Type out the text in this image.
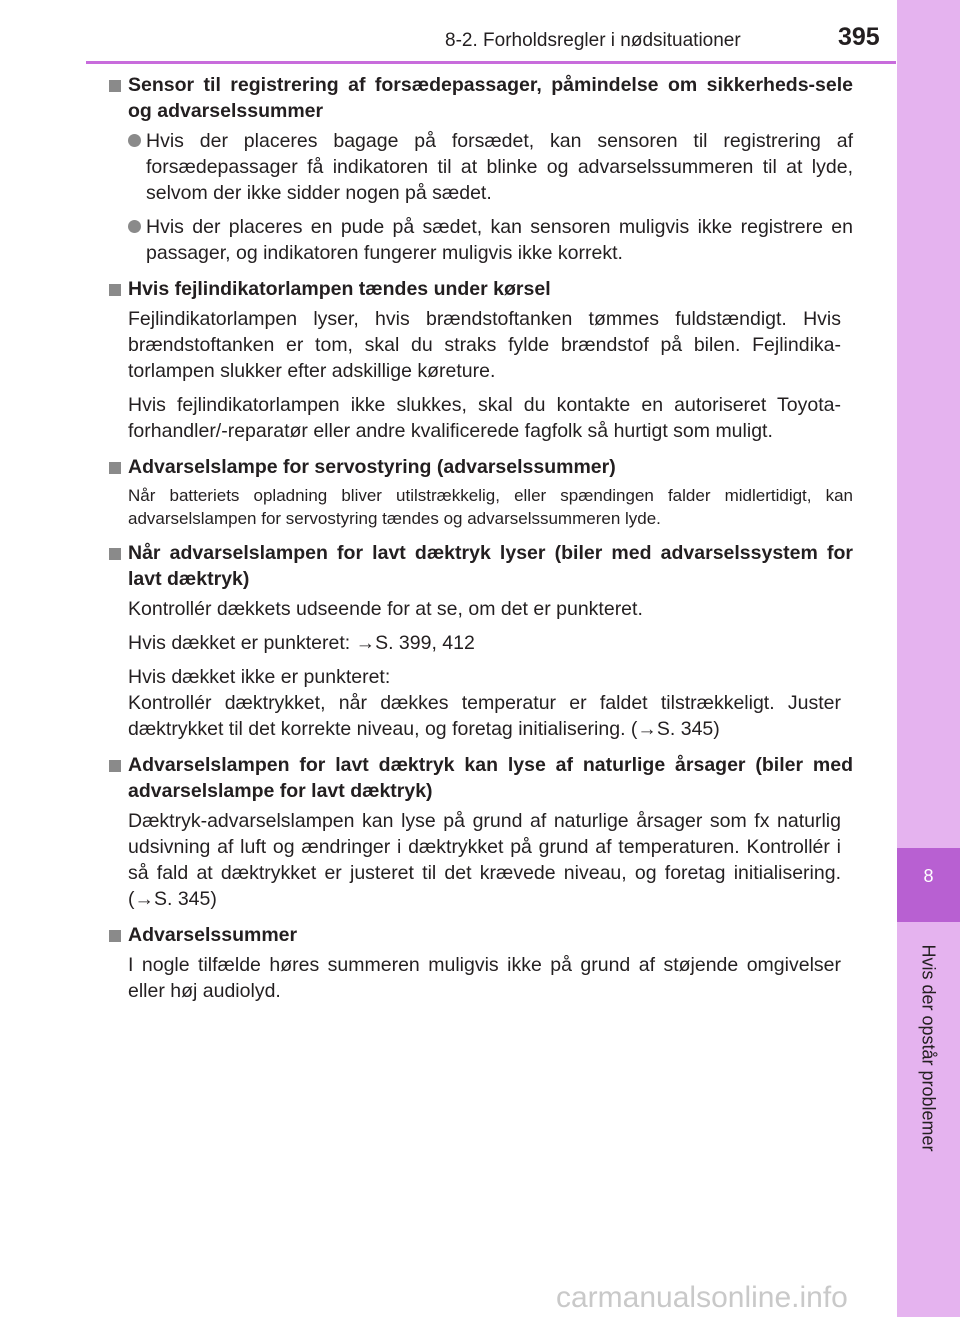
8-2. Forholdsregler i nødsituationer	395
8
Hvis der opstår problemer

Sensor til registrering af forsædepassager, påmindelse om sikkerheds-sele og advarselssummer

Hvis der placeres bagage på forsædet, kan sensoren til registrering af forsædepassager få indikatoren til at blinke og advarselssummeren til at lyde, selvom der ikke sidder nogen på sædet.

Hvis der placeres en pude på sædet, kan sensoren muligvis ikke registrere en passager, og indikatoren fungerer muligvis ikke korrekt.

Hvis fejlindikatorlampen tændes under kørsel

Fejlindikatorlampen lyser, hvis brændstoftanken tømmes fuldstændigt. Hvis brændstoftanken er tom, skal du straks fylde brændstof på bilen. Fejlindika-torlampen slukker efter adskillige køreture.

Hvis fejlindikatorlampen ikke slukkes, skal du kontakte en autoriseret Toyota-forhandler/-reparatør eller andre kvalificerede fagfolk så hurtigt som muligt.

Advarselslampe for servostyring (advarselssummer)

Når batteriets opladning bliver utilstrækkelig, eller spændingen falder midlertidigt, kan advarselslampen for servostyring tændes og advarselssummeren lyde.

Når advarselslampen for lavt dæktryk lyser (biler med advarselssystem for lavt dæktryk)

Kontrollér dækkets udseende for at se, om det er punkteret.

Hvis dækket er punkteret: →S. 399, 412

Hvis dækket ikke er punkteret:

Kontrollér dæktrykket, når dækkes temperatur er faldet tilstrækkeligt. Juster dæktrykket til det korrekte niveau, og foretag initialisering. (→S. 345)

Advarselslampen for lavt dæktryk kan lyse af naturlige årsager (biler med advarselslampe for lavt dæktryk)

Dæktryk-advarselslampen kan lyse på grund af naturlige årsager som fx naturlig udsivning af luft og ændringer i dæktrykket på grund af temperaturen. Kontrollér i så fald at dæktrykket er justeret til det krævede niveau, og foretag initialisering. (→S. 345)

Advarselssummer

I nogle tilfælde høres summeren muligvis ikke på grund af støjende omgivelser eller høj audiolyd.

carmanualsonline.info
